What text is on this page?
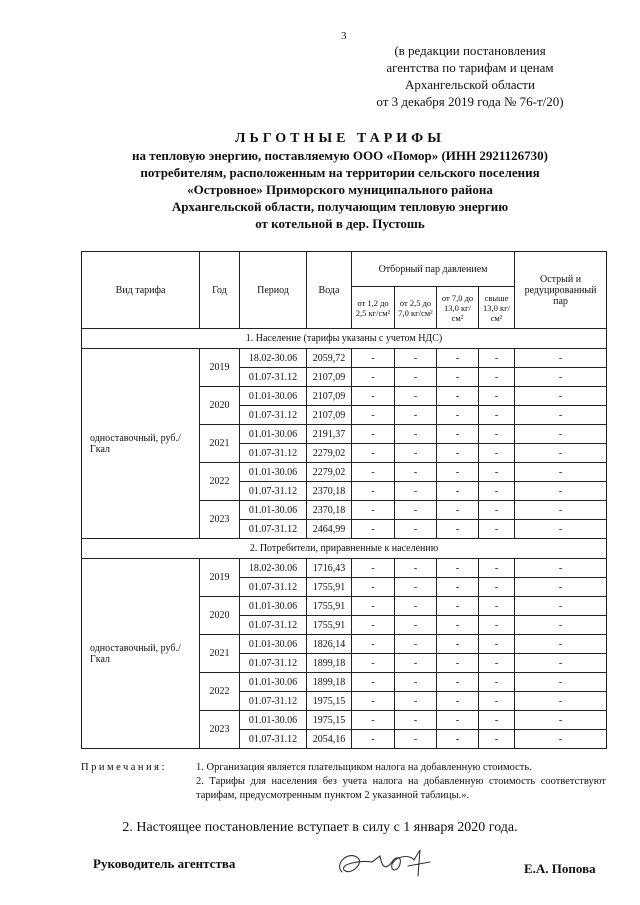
3
(в редакции постановления
агентства по тарифам и ценам
Архангельской области
от 3 декабря 2019 года № 76-т/20)
ЛЬГОТНЫЕ ТАРИФЫ
на тепловую энергию, поставляемую ООО «Помор» (ИНН 2921126730)
потребителям, расположенным на территории сельского поселения
«Островное» Приморского муниципального района
Архангельской области, получающим тепловую энергию
от котельной в дер. Пустошь
Вид тарифа	Год	Период	Вода	Отборный пар давлением				Острый и редуцированный пар
				от 1,2 до 2,5 кг/см²	от 2,5 до 7,0 кг/см²	от 7,0 до 13,0 кг/см²	свыше 13,0 кг/см²	
1. Население (тарифы указаны с учетом НДС)								
одноставочный, руб./Гкал	2019	18.02-30.06	2059,72	-	-	-	-	-
		01.07-31.12	2107,09	-	-	-	-	-
	2020	01.01-30.06	2107,09	-	-	-	-	-
		01.07-31.12	2107,09	-	-	-	-	-
	2021	01.01-30.06	2191,37	-	-	-	-	-
		01.07-31.12	2279,02	-	-	-	-	-
	2022	01.01-30.06	2279,02	-	-	-	-	-
		01.07-31.12	2370,18	-	-	-	-	-
	2023	01.01-30.06	2370,18	-	-	-	-	-
		01.07-31.12	2464,99	-	-	-	-	-
2. Потребители, приравненные к населению								
одноставочный, руб./Гкал	2019	18.02-30.06	1716,43	-	-	-	-	-
		01.07-31.12	1755,91	-	-	-	-	-
	2020	01.01-30.06	1755,91	-	-	-	-	-
		01.07-31.12	1755,91	-	-	-	-	-
	2021	01.01-30.06	1826,14	-	-	-	-	-
		01.07-31.12	1899,18	-	-	-	-	-
	2022	01.01-30.06	1899,18	-	-	-	-	-
		01.07-31.12	1975,15	-	-	-	-	-
	2023	01.01-30.06	1975,15	-	-	-	-	-
		01.07-31.12	2054,16	-	-	-	-	-
Примечания:	1. Организация является плательщиком налога на добавленную стоимость.

2. Тарифы для населения без учета налога на добавленную стоимость соответствуют тарифам, предусмотренным пунктом 2 указанной таблицы.».

2. Настоящее постановление вступает в силу с 1 января 2020 года.
Руководитель агентства	Е.А. Попова
